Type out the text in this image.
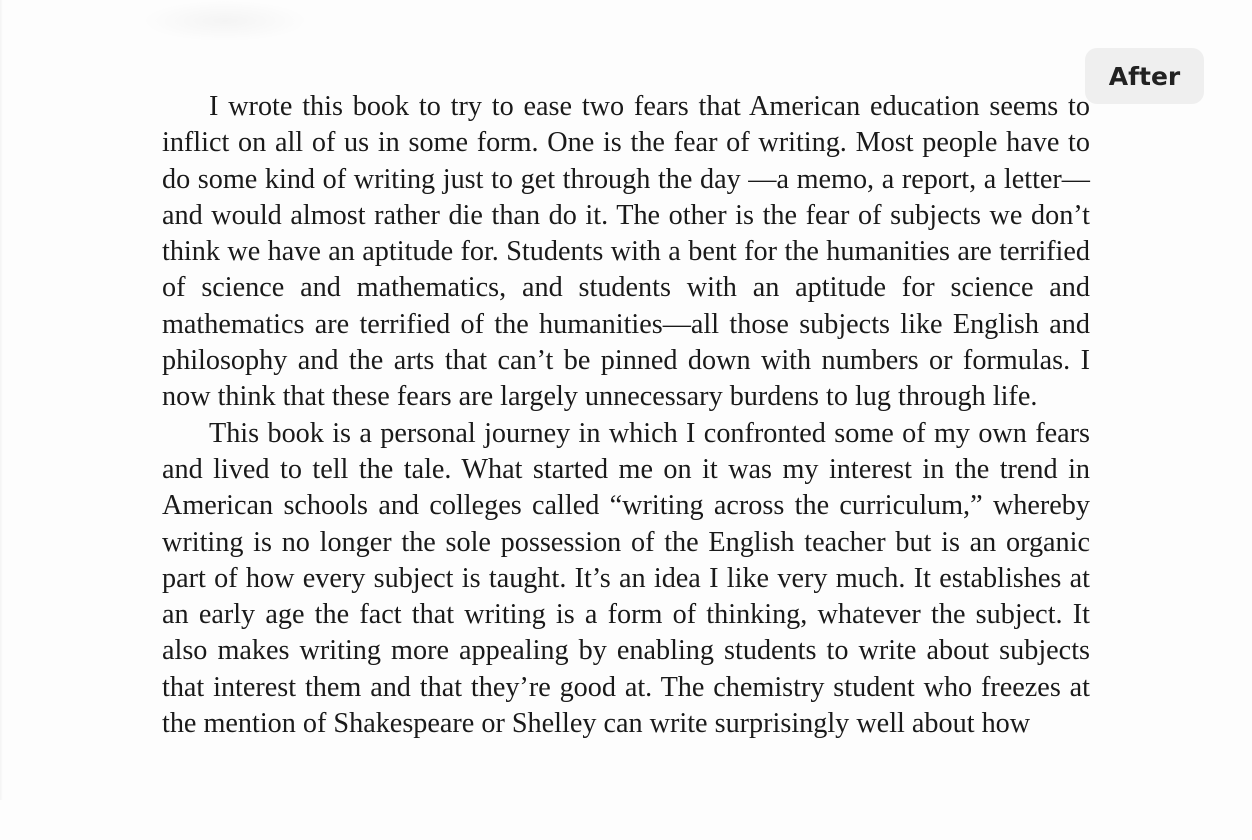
After

I wrote this book to try to ease two fears that American education seems to inflict on all of us in some form. One is the fear of writing. Most people have to do some kind of writing just to get through the day —a memo, a report, a letter—and would almost rather die than do it. The other is the fear of subjects we don’t think we have an aptitude for. Students with a bent for the humanities are terrified of science and mathematics, and students with an aptitude for science and mathematics are terrified of the humanities—all those subjects like English and philosophy and the arts that can’t be pinned down with numbers or formulas. I now think that these fears are largely unnecessary burdens to lug through life.

This book is a personal journey in which I confronted some of my own fears and lived to tell the tale. What started me on it was my interest in the trend in American schools and colleges called “writing across the curriculum,” whereby writing is no longer the sole possession of the English teacher but is an organic part of how every subject is taught. It’s an idea I like very much. It establishes at an early age the fact that writing is a form of thinking, whatever the subject. It also makes writing more appealing by enabling students to write about subjects that interest them and that they’re good at. The chemistry student who freezes at the mention of Shakespeare or Shelley can write surprisingly well about how
